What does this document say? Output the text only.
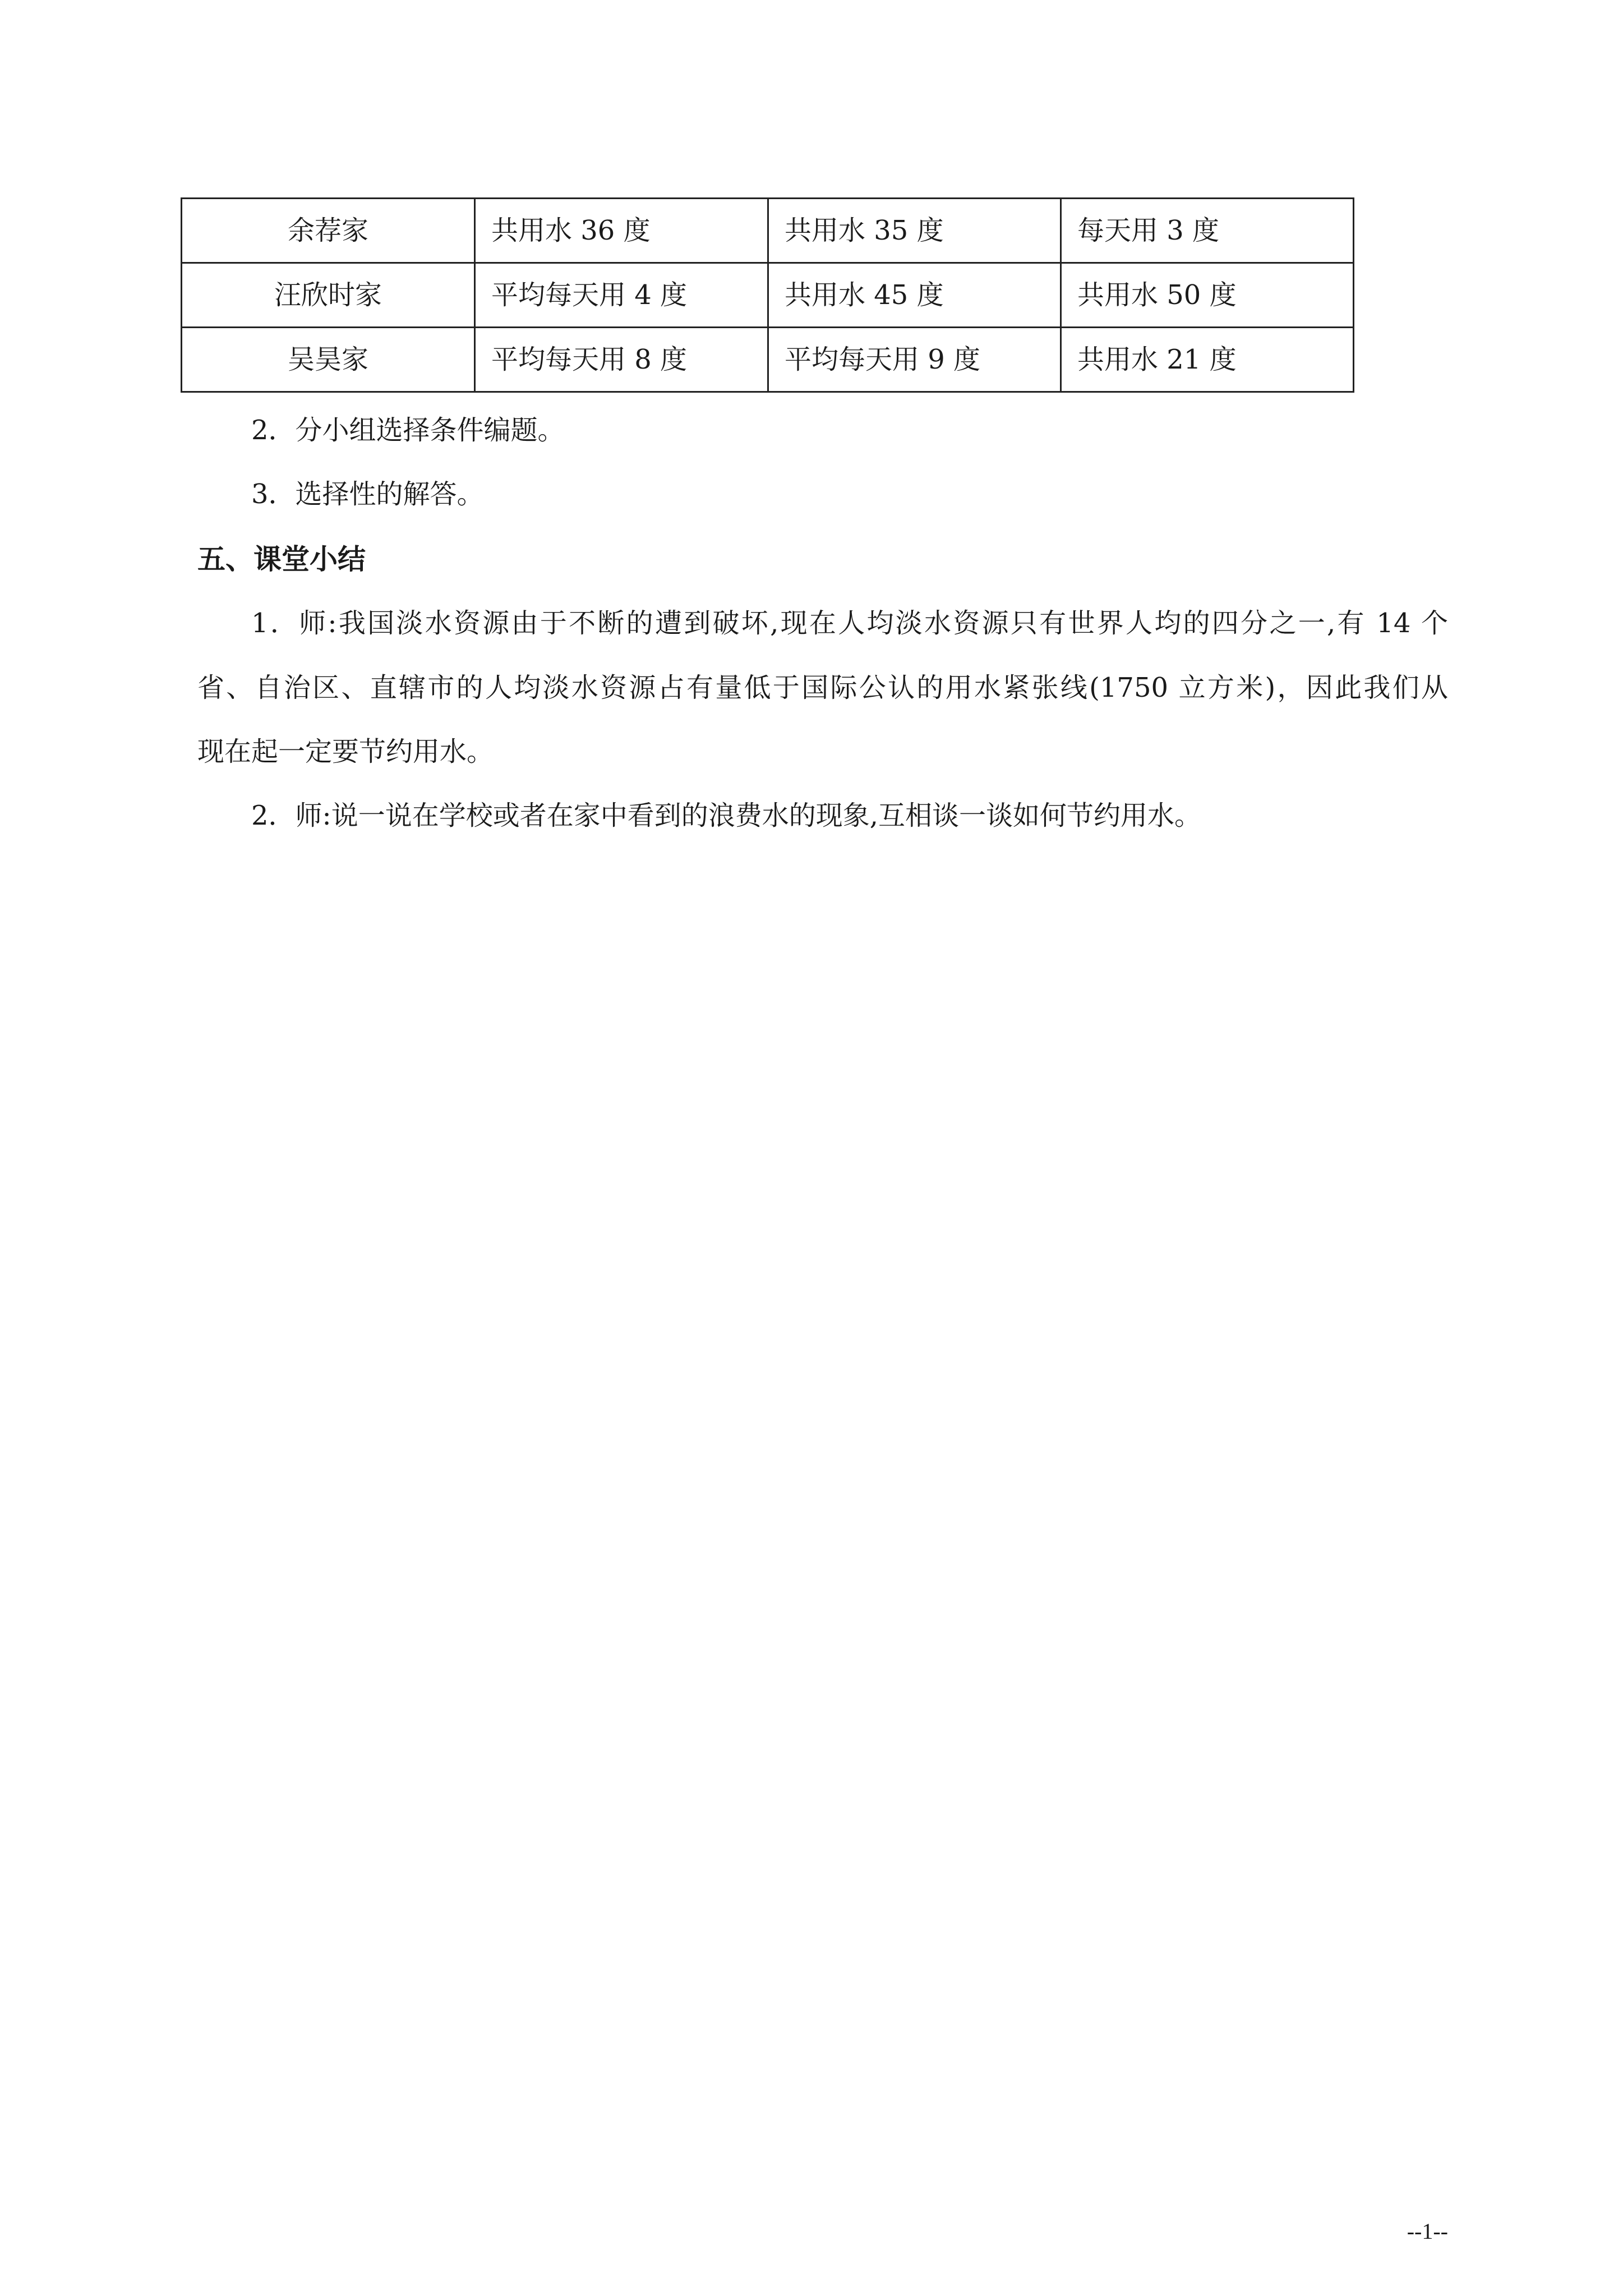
余荐家	共用水 36 度	共用水 35 度	每天用 3 度
汪欣时家	平均每天用 4 度	共用水 45 度	共用水 50 度
吴昊家	平均每天用 8 度	平均每天用 9 度	共用水 21 度
2．分小组选择条件编题。
3．选择性的解答。
五、课堂小结
1．师:我国淡水资源由于不断的遭到破坏,现在人均淡水资源只有世界人均的四分之一,有 14 个
省、自治区、直辖市的人均淡水资源占有量低于国际公认的用水紧张线(1750 立方米)，因此我们从
现在起一定要节约用水。
2．师:说一说在学校或者在家中看到的浪费水的现象,互相谈一谈如何节约用水。
--1--
